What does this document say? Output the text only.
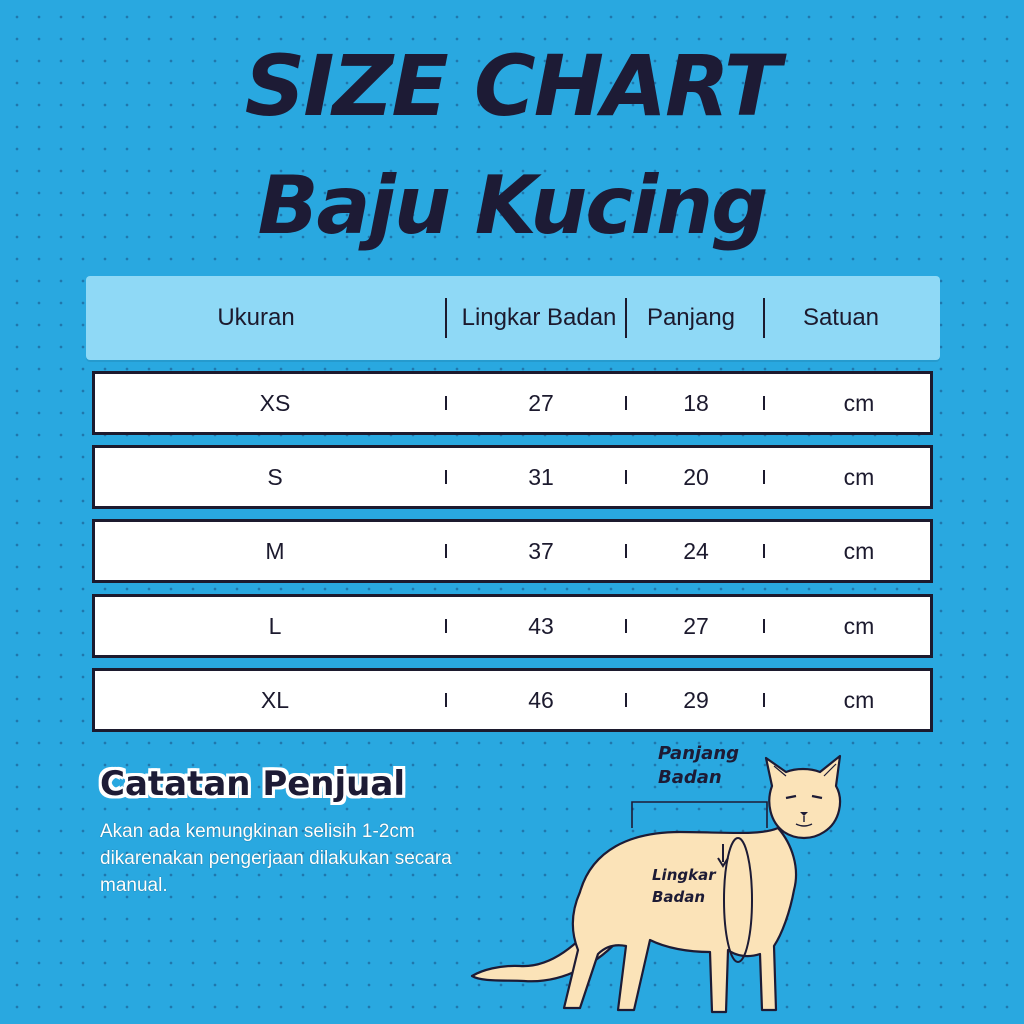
SIZE CHART
Baju Kucing
Ukuran	Lingkar Badan	Panjang	Satuan
XS	27	18	cm
S	31	20	cm
M	37	24	cm
L	43	27	cm
XL	46	29	cm
Catatan Penjual
Akan ada kemungkinan selisih 1-2cm dikarenakan pengerjaan dilakukan secara manual.
Panjang
Badan
Lingkar
Badan
